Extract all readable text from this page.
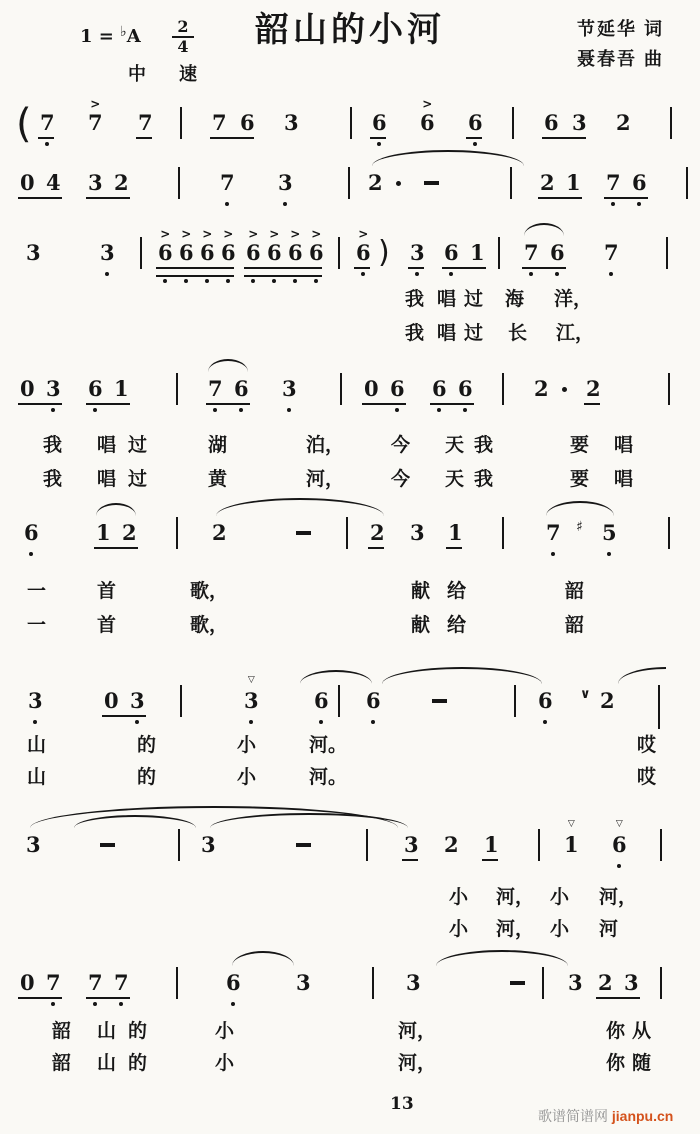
$1 = ^♭A \frac{2}{4}$
中 速
韶山的小河	节延华 词
聂春吾 曲
( 7 7
>
7	7 6 3	6 6
>
6	6 3 2
0 4 3 2	7 3	2	2 1 7 6
3	3 6
>
6
>
6
>
6
>
6
>
6
>
6
>
6
>
6
>
) 3 6 1 7 6 7
0 3 6 1	7 6 3	0 6 6 6	2 2
6	1 2	2	2 3 1	7 ♯ 5
3	0 3	3
▽
6 6	6 ∨ 2
3	3	3 2 1	1
▽
6
▽
0 7 7 7	6	3	3	3 2 3
我 唱 过 海 洋，
我 唱 过 长 江，
我 唱 过	湖	泊， 今 天 我	要 唱
我 唱 过	黄	河， 今 天 我	要 唱
一	首	歌，	献 给	韶
一	首	歌，	献 给	韶
山	的	小	河。	哎
山	的	小	河。	哎
小 河， 小 河，
小 河， 小 河
韶 山 的	小	河，	你 从
韶 山 的	小	河，	你 随
13
歌谱简谱网 jianpu.cn
